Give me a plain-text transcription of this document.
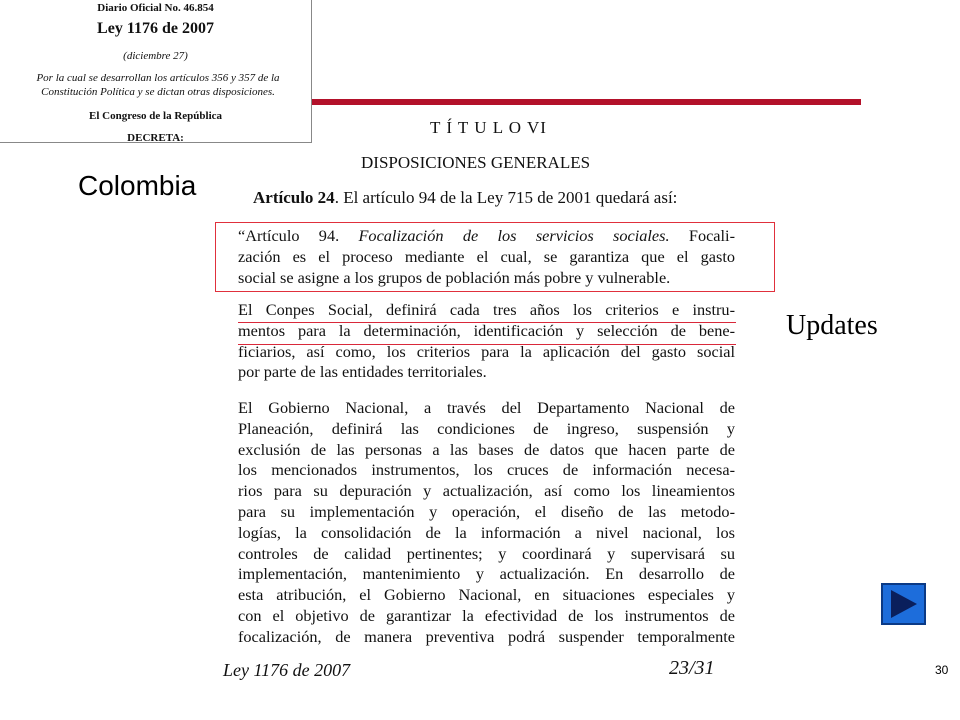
Diario Oficial No. 46.854
Ley 1176 de 2007
(diciembre 27)
Por la cual se desarrollan los artículos 356 y 357 de la Constitución Política y se dictan otras disposiciones.
El Congreso de la República
DECRETA:
Colombia
Updates
T Í T U L O VI
DISPOSICIONES GENERALES
Artículo 24. El artículo 94 de la Ley 715 de 2001 quedará así:
“Artículo 94. Focalización de los servicios sociales. Focali-
zación es el proceso mediante el cual, se garantiza que el gasto
social se asigne a los grupos de población más pobre y vulnerable.
El Conpes Social, definirá cada tres años los criterios e instru-
mentos para la determinación, identificación y selección de bene-
ficiarios, así como, los criterios para la aplicación del gasto social
por parte de las entidades territoriales.
El Gobierno Nacional, a través del Departamento Nacional de
Planeación, definirá las condiciones de ingreso, suspensión y
exclusión de las personas a las bases de datos que hacen parte de
los mencionados instrumentos, los cruces de información necesa-
rios para su depuración y actualización, así como los lineamientos
para su implementación y operación, el diseño de las metodo-
logías, la consolidación de la información a nivel nacional, los
controles de calidad pertinentes; y coordinará y supervisará su
implementación, mantenimiento y actualización. En desarrollo de
esta atribución, el Gobierno Nacional, en situaciones especiales y
con el objetivo de garantizar la efectividad de los instrumentos de
focalización, de manera preventiva podrá suspender temporalmente
Ley 1176 de 2007	23/31	30
